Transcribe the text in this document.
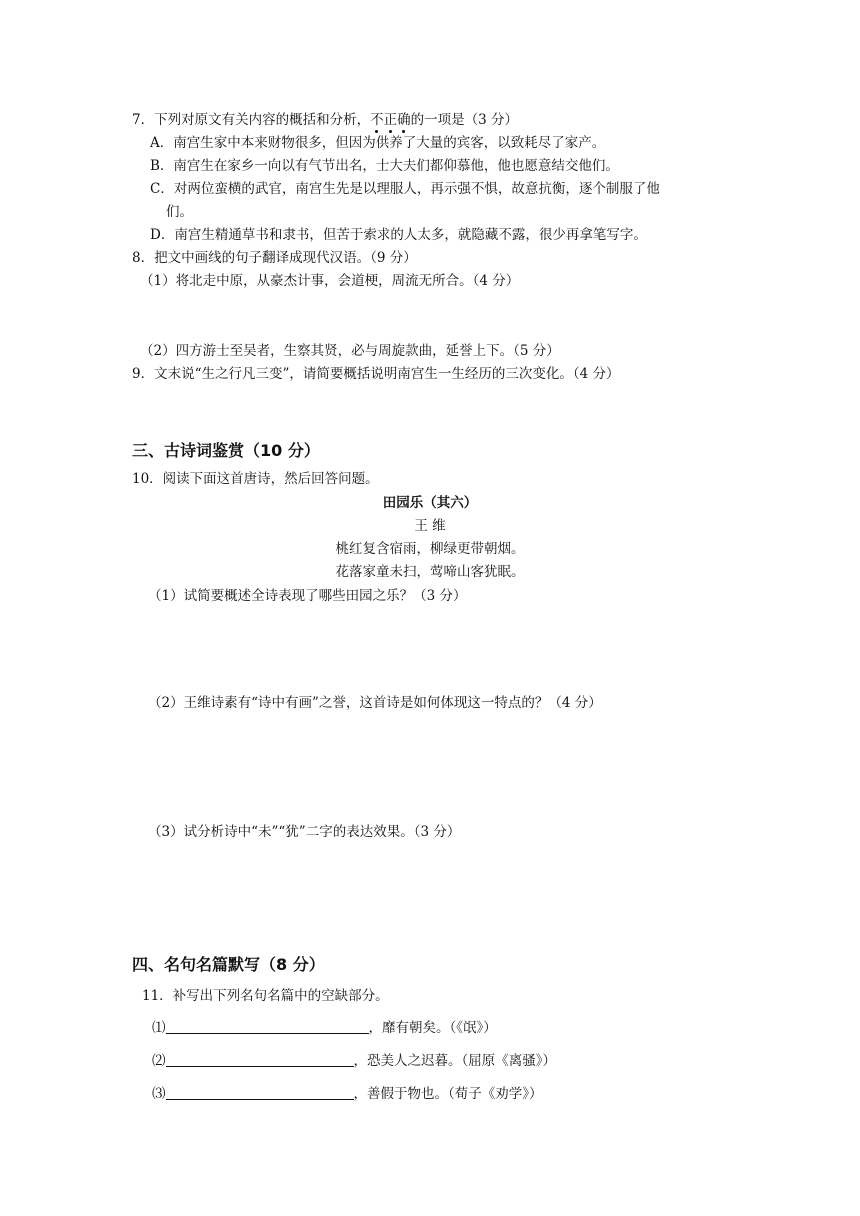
7．下列对原文有关内容的概括和分析，不正确的一项是（3 分）
A．南宫生家中本来财物很多，但因为供养了大量的宾客，以致耗尽了家产。
B．南宫生在家乡一向以有气节出名，士大夫们都仰慕他，他也愿意结交他们。
C．对两位蛮横的武官，南宫生先是以理服人，再示强不惧，故意抗衡，逐个制服了他
们。
D．南宫生精通草书和隶书，但苦于索求的人太多，就隐藏不露，很少再拿笔写字。
8．把文中画线的句子翻译成现代汉语。（9 分）
（1）将北走中原，从豪杰计事，会道梗，周流无所合。（4 分）
（2）四方游士至吴者，生察其贤，必与周旋款曲，延誉上下。（5 分）
9．文末说“生之行凡三变”，请简要概括说明南宫生一生经历的三次变化。（4 分）
三、古诗词鉴赏（10 分）
10．阅读下面这首唐诗，然后回答问题。
田园乐（其六）
王 维
桃红复含宿雨，柳绿更带朝烟。
花落家童未扫，莺啼山客犹眠。
（1）试简要概述全诗表现了哪些田园之乐？（3 分）
（2）王维诗素有“诗中有画”之誉，这首诗是如何体现这一特点的？（4 分）
（3）试分析诗中“未”“犹”二字的表达效果。（3 分）
四、名句名篇默写（8 分）
11．补写出下列名句名篇中的空缺部分。
⑴	，靡有朝矣。（《氓》）
⑵	，恐美人之迟暮。（屈原《离骚》）
⑶	，善假于物也。（荀子《劝学》）
